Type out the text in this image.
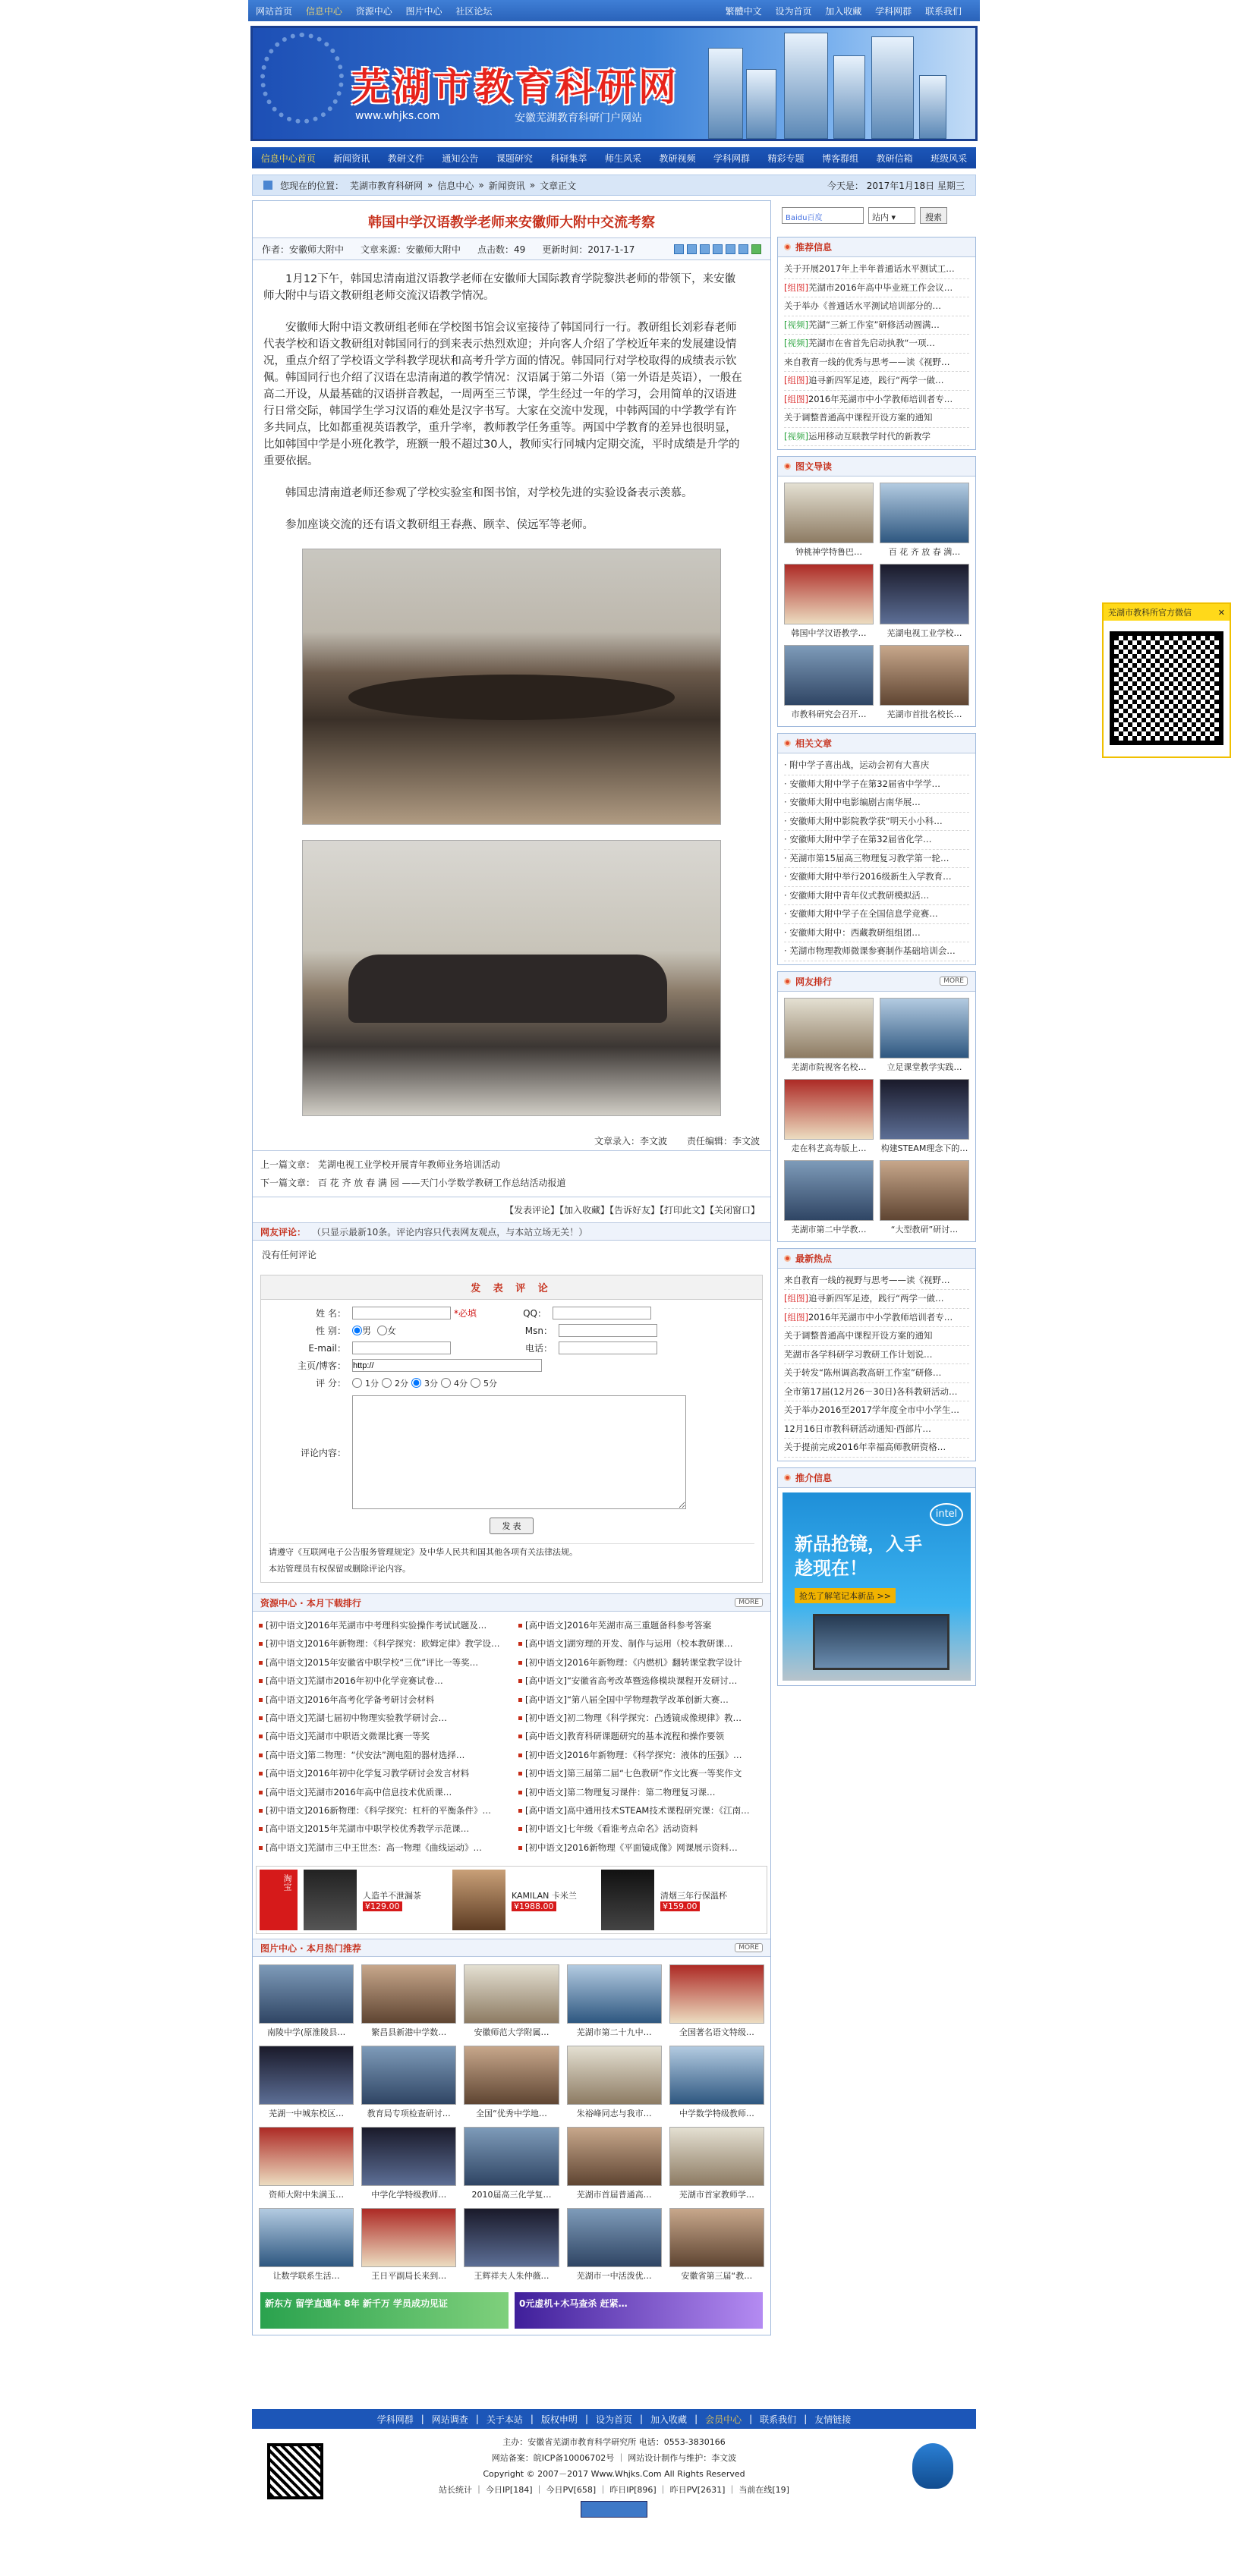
网站首页 信息中心 资源中心 图片中心 社区论坛	繁體中文 设为首页 加入收藏 学科网群 联系我们
芜湖市教育科研网
www.whjks.com	安徽芜湖教育科研门户网站
信息中心首页	新闻资讯	教研文件	通知公告	课题研究	科研集萃	师生风采	教研视频	学科网群	精彩专题	博客群组	教研信箱	班级风采
您现在的位置： 芜湖市教育科研网 » 信息中心 » 新闻资讯 » 文章正文	今天是： 2017年1月18日 星期三
韩国中学汉语教学老师来安徽师大附中交流考察
作者：安徽师大附中 文章来源：安徽师大附中 点击数：49 更新时间：2017-1-17

1月12下午，韩国忠清南道汉语教学老师在安徽师大国际教育学院黎洪老师的带领下，来安徽师大附中与语文教研组老师交流汉语教学情况。

安徽师大附中语文教研组老师在学校图书馆会议室接待了韩国同行一行。教研组长刘彩春老师代表学校和语文教研组对韩国同行的到来表示热烈欢迎；并向客人介绍了学校近年来的发展建设情况，重点介绍了学校语文学科教学现状和高考升学方面的情况。韩国同行对学校取得的成绩表示钦佩。韩国同行也介绍了汉语在忠清南道的教学情况：汉语属于第二外语（第一外语是英语），一般在高二开设，从最基础的汉语拼音教起，一周两至三节课，学生经过一年的学习，会用简单的汉语进行日常交际，韩国学生学习汉语的难处是汉字书写。大家在交流中发现，中韩两国的中学教学有许多共同点，比如都重视英语教学，重升学率，教师教学任务重等。两国中学教育的差异也很明显，比如韩国中学是小班化教学，班额一般不超过30人，教师实行同城内定期交流，平时成绩是升学的重要依据。

韩国忠清南道老师还参观了学校实验室和图书馆，对学校先进的实验设备表示羡慕。

参加座谈交流的还有语文教研组王春燕、顾幸、侯远军等老师。

文章录入：李文波 责任编辑：李文波
上一篇文章： 芜湖电视工业学校开展青年教师业务培训活动
下一篇文章： 百 花 齐 放 春 满 园 ——天门小学数学教研工作总结活动报道
【发表评论】【加入收藏】【告诉好友】【打印此文】【关闭窗口】
网友评论： （只显示最新10条。评论内容只代表网友观点，与本站立场无关！）
没有任何评论
发 表 评 论
姓 名：	*必填	QQ：
性 别：	男 女	Msn：
E-mail：	电话：
主页/博客：
http://
评 分：	1分 2分 3分 4分 5分
评论内容：
发 表
请遵守《互联网电子公告服务管理规定》及中华人民共和国其他各项有关法律法规。
本站管理员有权保留或删除评论内容。
资源中心 · 本月下载排行	MORE
[初中语文]2016年芜湖市中考理科实验操作考试试题及…	[高中语文]2016年芜湖市高三重题备科参考答案
[初中语文]2016年新物理：《科学探究：欧姆定律》教学设…	[高中语文]湖穷理的开发、制作与运用（校本教研课…
[高中语文]2015年安徽省中职学校“三优”评比一等奖…	[初中语文]2016年新物理：《内燃机》翻转课堂教学设计
[高中语文]芜湖市2016年初中化学竞赛试卷…	[高中语文]“安徽省高考改革暨选修模块课程开发研讨…
[高中语文]2016年高考化学备考研讨会材料	[高中语文]“第八届全国中学物理教学改革创新大赛…
[高中语文]芜湖七届初中物理实验教学研讨会…	[初中语文]初二物理《科学探究：凸透镜成像规律》教…
[高中语文]芜湖市中职语文微课比赛一等奖	[高中语文]教育科研课题研究的基本流程和操作要领
[高中语文]第二物理：“伏安法”测电阻的器材选择…	[初中语文]2016年新物理：《科学探究：液体的压强》…
[高中语文]2016年初中化学复习教学研讨会发言材料	[初中语文]第三届第二届“七色教研”作文比赛一等奖作文
[高中语文]芜湖市2016年高中信息技术优质课…	[初中语文]第二物理复习课件：第二物理复习课…
[初中语文]2016新物理：《科学探究：杠杆的平衡条件》…	[高中语文]高中通用技术STEAM技术课程研究课：《江南…
[高中语文]2015年芜湖市中职学校优秀教学示范课…	[初中语文]七年级《看谁考点命名》活动资料
[高中语文]芜湖市三中王世杰：高一物理《曲线运动》…	[初中语文]2016新物理《平面镜成像》网课展示资料…
淘宝
人造羊不泄漏茶
¥129.00
KAMILAN 卡米兰
¥1988.00
清烟三年行保温杯
¥159.00
图片中心 · 本月热门推荐	MORE
南陵中学(原淮陵县…	繁昌县新港中学数…	安徽师范大学附属…	芜湖市第二十九中…	全国著名语文特级…
芜湖一中城东校区…	教育局专项检查研讨…	全国“优秀中学地…	朱裕峰同志与我市…	中学数学特级教师…
资师大附中朱满玉…	中学化学特级教师…	2010届高三化学复…	芜湖市首届普通高…	芜湖市首家教师学…
让数学联系生活…	王日平副局长来到…	王辉祥夫人朱仲薇…	芜湖市一中活泼优…	安徽省第三届“教…
新东方 留学直通车 8年 新千万 学员成功见证	0元虚机+木马查杀 赶紧…
Baidu百度	站内 ▾	搜索
推荐信息
关于开展2017年上半年普通话水平测试工…
[组图]芜湖市2016年高中毕业班工作会议…
关于举办《普通话水平测试培训部分的…
[视频]芜湖“三新工作室”研修活动圆满…
[视频]芜湖市在省首先启动执教“一项…
来自教育一线的优秀与思考——读《视野…
[组图]追寻新四军足迹，践行“两学一做…
[组图]2016年芜湖市中小学教师培训者专…
关于调整普通高中课程开设方案的通知
[视频]运用移动互联教学时代的新教学
图文导读
钟桃神学特鲁巴…	百 花 齐 放 春 满…
韩国中学汉语教学…	芜湖电视工业学校…
市教科研究会召开…	芜湖市首批名校长…
相关文章
· 附中学子喜出战，运动会初有大喜庆
· 安徽师大附中学子在第32届省中学学…
· 安徽师大附中电影编剧古南华展…
· 安徽师大附中影院教学获“明天小小科…
· 安徽师大附中学子在第32届省化学…
· 芜湖市第15届高三物理复习教学第一轮…
· 安徽师大附中举行2016级新生入学教育…
· 安徽师大附中青年仪式教研模拟活…
· 安徽师大附中学子在全国信息学竞赛…
· 安徽师大附中：西藏教研组组团…
· 芜湖市物理教师微课参赛制作基础培训会…
网友排行	MORE
芜湖市院视客名校…	立足课堂教学实践…
走在科艺高寿版上…	构建STEAM理念下的…
芜湖市第二中学教…	“大型教研”研讨…
最新热点
来自教育一线的视野与思考——读《视野…
[组图]追寻新四军足迹，践行“两学一做…
[组图]2016年芜湖市中小学教师培训者专…
关于调整普通高中课程开设方案的通知
芜湖市各学科研学习教研工作计划说…
关于转发“陈州调高教高研工作室”研修…
全市第17届(12月26－30日)各科教研活动…
关于举办2016至2017学年度全市中小学生…
12月16日市教科研活动通知·西部片…
关于提前完成2016年幸福高师教研资格…
推介信息
intel
新品抢镜，入手趁现在！
抢先了解笔记本新品 >>
芜湖市教科所官方微信	✕
学科网群 | 网站调查 | 关于本站 | 版权申明 | 设为首页 | 加入收藏 | 会员中心 | 联系我们 | 友情链接
主办：安徽省芜湖市教育科学研究所 电话：0553-3830166
网站备案：皖ICP备10006702号 ｜ 网站设计制作与维护：李文波
Copyright © 2007－2017 Www.Whjks.Com All Rights Reserved
站长统计 ｜ 今日IP[184] ｜ 今日PV[658] ｜ 昨日IP[896] ｜ 昨日PV[2631] ｜ 当前在线[19]
